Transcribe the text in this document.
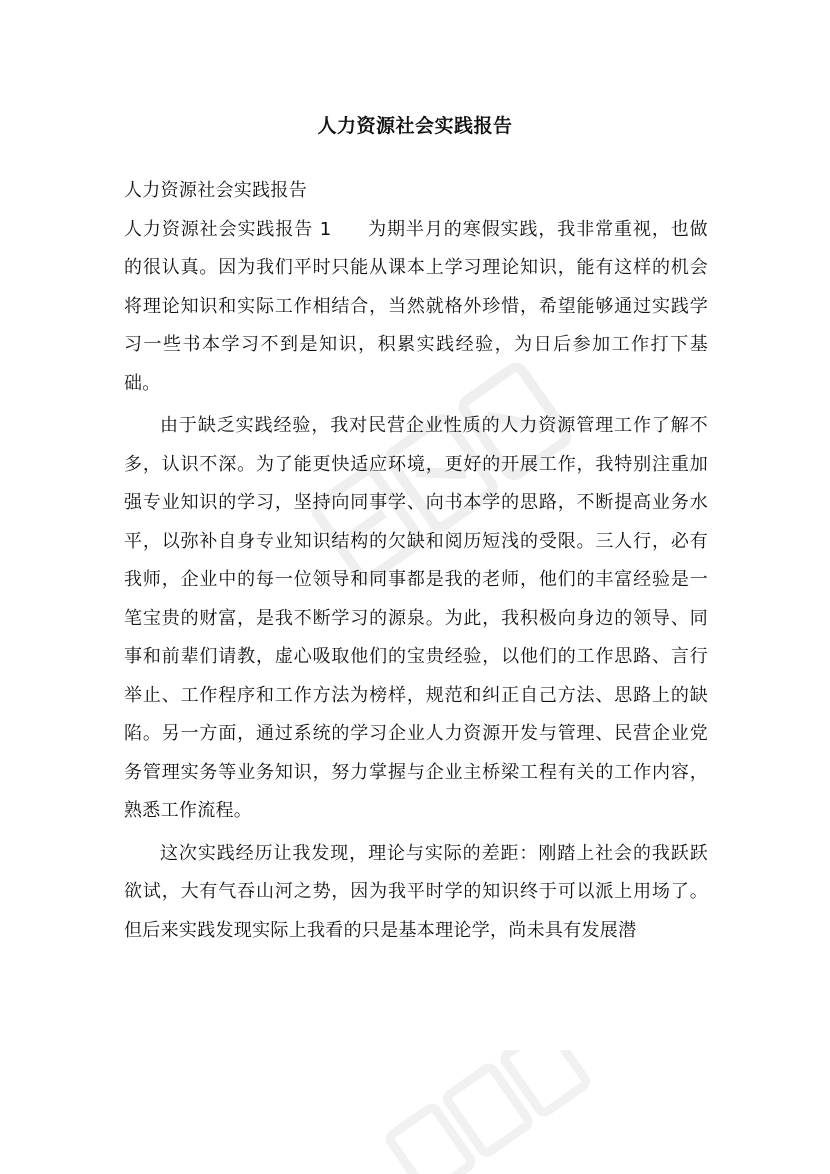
人力资源社会实践报告

人力资源社会实践报告

人力资源社会实践报告 1 为期半月的寒假实践，我非常重视，也做的很认真。因为我们平时只能从课本上学习理论知识，能有这样的机会将理论知识和实际工作相结合，当然就格外珍惜，希望能够通过实践学习一些书本学习不到是知识，积累实践经验，为日后参加工作打下基础。

由于缺乏实践经验，我对民营企业性质的人力资源管理工作了解不多，认识不深。为了能更快适应环境，更好的开展工作，我特别注重加强专业知识的学习，坚持向同事学、向书本学的思路，不断提高业务水平，以弥补自身专业知识结构的欠缺和阅历短浅的受限。三人行，必有我师，企业中的每一位领导和同事都是我的老师，他们的丰富经验是一笔宝贵的财富，是我不断学习的源泉。为此，我积极向身边的领导、同事和前辈们请教，虚心吸取他们的宝贵经验，以他们的工作思路、言行举止、工作程序和工作方法为榜样，规范和纠正自己方法、思路上的缺陷。另一方面，通过系统的学习企业人力资源开发与管理、民营企业党务管理实务等业务知识，努力掌握与企业主桥梁工程有关的工作内容，熟悉工作流程。

这次实践经历让我发现，理论与实际的差距：刚踏上社会的我跃跃欲试，大有气吞山河之势，因为我平时学的知识终于可以派上用场了。但后来实践发现实际上我看的只是基本理论学，尚未具有发展潜
